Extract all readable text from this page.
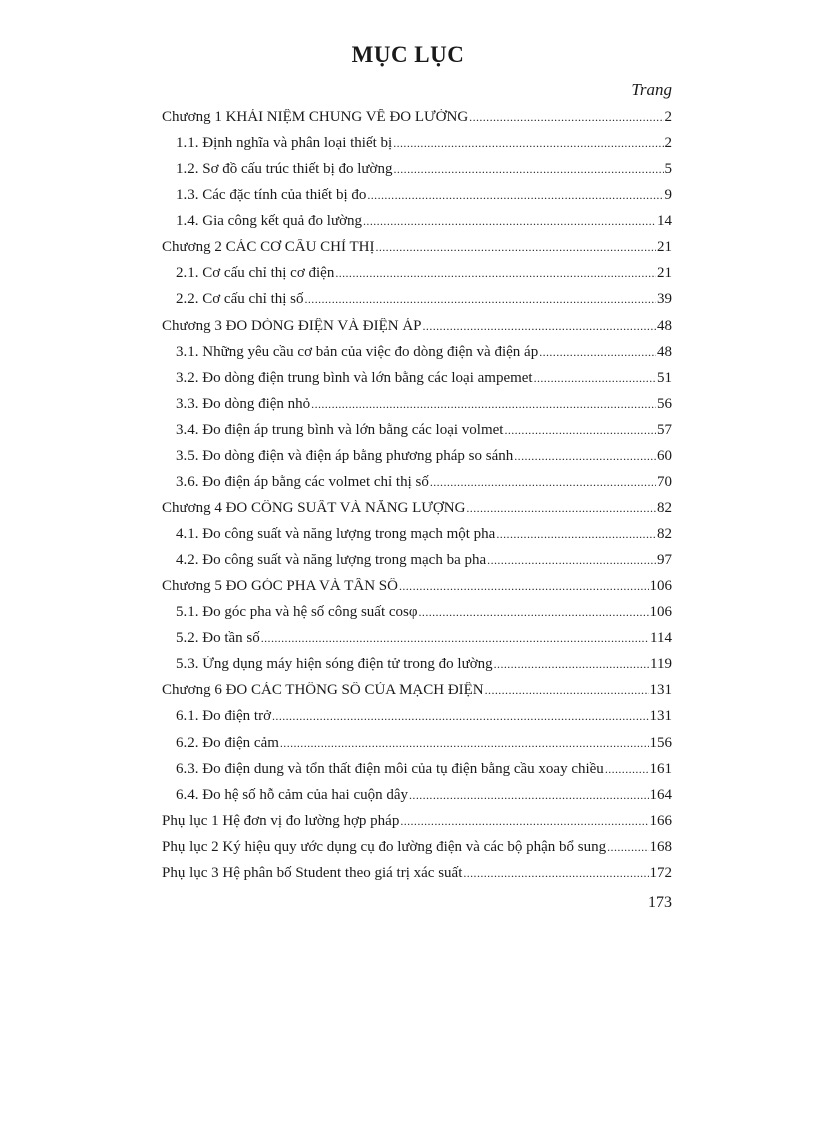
MỤC LỤC
Trang
Chương 1 KHÁI NIỆM CHUNG VỀ ĐO LƯỜNG .....	2
1.1. Định nghĩa và phân loại thiết bị .....	2
1.2. Sơ đồ cấu trúc thiết bị đo lường .....	5
1.3. Các đặc tính của thiết bị đo .....	9
1.4. Gia công kết quả đo lường .....	14
Chương 2 CÁC CƠ CẤU CHỈ THỊ .....	21
2.1. Cơ cấu chỉ thị cơ điện .....	21
2.2. Cơ cấu chỉ thị số .....	39
Chương 3 ĐO DÒNG ĐIỆN VÀ ĐIỆN ÁP .....	48
3.1. Những yêu cầu cơ bản của việc đo dòng điện và điện áp .....	48
3.2. Đo dòng điện trung bình và lớn bằng các loại ampemet .....	51
3.3. Đo dòng điện nhỏ .....	56
3.4. Đo điện áp trung bình và lớn bằng các loại volmet .....	57
3.5. Đo dòng điện và điện áp bằng phương pháp so sánh .....	60
3.6. Đo điện áp bằng các volmet chỉ thị số .....	70
Chương 4 ĐO CÔNG SUẤT VÀ NĂNG LƯỢNG .....	82
4.1. Đo công suất và năng lượng trong mạch một pha .....	82
4.2. Đo công suất và năng lượng trong mạch ba pha .....	97
Chương 5 ĐO GÓC PHA VÀ TẦN SỐ .....	106
5.1. Đo góc pha và hệ số công suất cosφ .....	106
5.2. Đo tần số .....	114
5.3. Ứng dụng máy hiện sóng điện tử trong đo lường .....	119
Chương 6 ĐO CÁC THÔNG SỐ CỦA MẠCH ĐIỆN .....	131
6.1. Đo điện trở .....	131
6.2. Đo điện cảm .....	156
6.3. Đo điện dung và tổn thất điện môi của tụ điện bằng cầu xoay chiều .....	161
6.4. Đo hệ số hỗ cảm của hai cuộn dây .....	164
Phụ lục 1 Hệ đơn vị đo lường hợp pháp .....	166
Phụ lục 2 Ký hiệu quy ước dụng cụ đo lường điện và các bộ phận bổ sung .....	168
Phụ lục 3 Hệ phân bố Student theo giá trị xác suất .....	172
173
